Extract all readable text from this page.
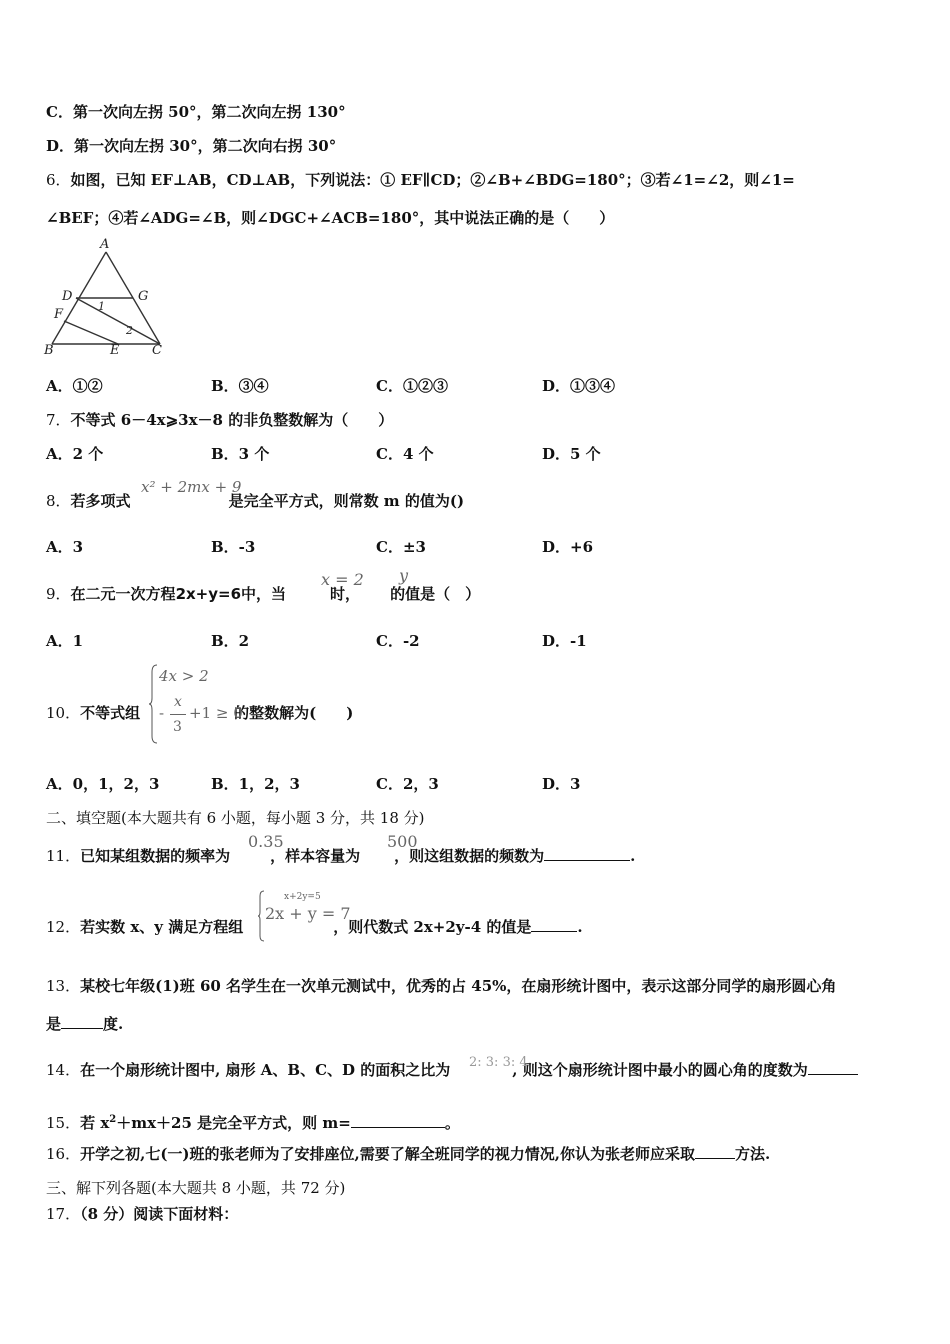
C．第一次向左拐 50°，第二次向左拐 130°
D．第一次向左拐 30°，第二次向右拐 30°
6．如图，已知 EF⊥AB，CD⊥AB，下列说法：① EF∥CD；②∠B+∠BDG=180°；③若∠1=∠2，则∠1=
∠BEF；④若∠ADG=∠B，则∠DGC+∠ACB=180°，其中说法正确的是（　　）
A
D	G
F
B	E	C
1
2
A．①②	B．③④	C．①②③	D．①③④
7．不等式 6－4x⩾3x－8 的非负整数解为（　　）
A．2 个	B．3 个	C．4 个	D．5 个
8．若多项式	是完全平方式，则常数 m 的值为()
x² + 2mx + 9
A．3	B．-3	C．±3	D．+6
9．在二元一次方程2x+y=6中，当	时， 的值是（　）
x = 2 y
A．1	B．2	C．-2	D．-1
10．不等式组	的整数解为(　　)
4x > 2
-
x
3
+1 ≥ 0
A．0，1，2，3	B．1，2，3	C．2，3	D．3
二、填空题(本大题共有 6 小题，每小题 3 分，共 18 分)
11．已知某组数据的频率为	，样本容量为 ，则这组数据的频数为	.
0.35	500
12．若实数 x、y 满足方程组	，则代数式 2x+2y-4 的值是	.
x+2y=5
2x + y = 7
13．某校七年级(1)班 60 名学生在一次单元测试中，优秀的占 45%，在扇形统计图中，表示这部分同学的扇形圆心角
是	度.
14．在一个扇形统计图中, 扇形 A、B、C、D 的面积之比为	, 则这个扇形统计图中最小的圆心角的度数为
2: 3: 3: 4
15．若 $x^2+mx+25$ 是完全平方式，则 m=	。
16．开学之初,七(一)班的张老师为了安排座位,需要了解全班同学的视力情况,你认为张老师应采取	方法.
三、解下列各题(本大题共 8 小题，共 72 分)
17．（8 分）阅读下面材料：
